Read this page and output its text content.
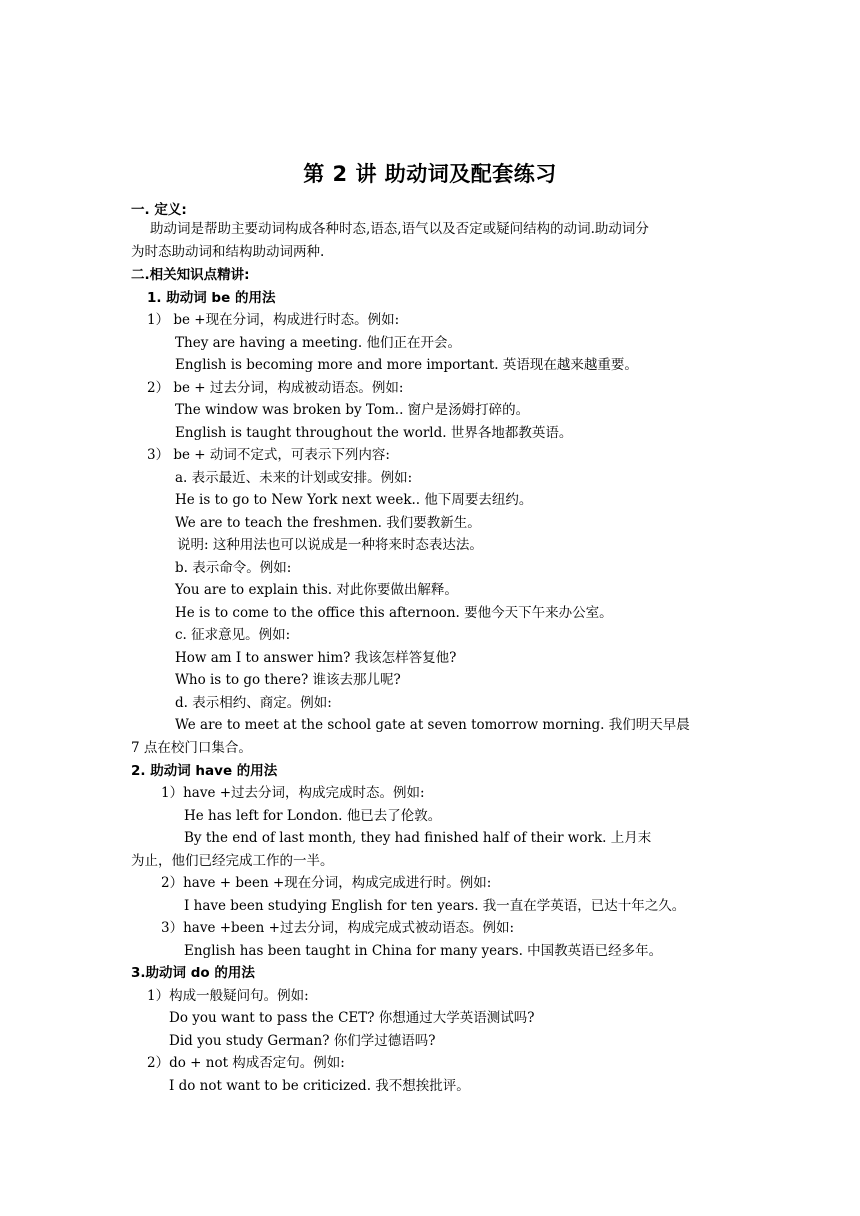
第 2 讲 助动词及配套练习
一. 定义:
助动词是帮助主要动词构成各种时态,语态,语气以及否定或疑问结构的动词.助动词分
为时态助动词和结构助动词两种.
二.相关知识点精讲:
1. 助动词 be 的用法
1） be +现在分词，构成进行时态。例如:
They are having a meeting. 他们正在开会。
English is becoming more and more important. 英语现在越来越重要。
2） be + 过去分词，构成被动语态。例如:
The window was broken by Tom.. 窗户是汤姆打碎的。
English is taught throughout the world. 世界各地都教英语。
3） be + 动词不定式，可表示下列内容:
a. 表示最近、未来的计划或安排。例如:
He is to go to New York next week.. 他下周要去纽约。
We are to teach the freshmen. 我们要教新生。
说明: 这种用法也可以说成是一种将来时态表达法。
b. 表示命令。例如:
You are to explain this. 对此你要做出解释。
He is to come to the office this afternoon. 要他今天下午来办公室。
c. 征求意见。例如:
How am I to answer him? 我该怎样答复他?
Who is to go there? 谁该去那儿呢?
d. 表示相约、商定。例如:
We are to meet at the school gate at seven tomorrow morning. 我们明天早晨
7 点在校门口集合。
2. 助动词 have 的用法
1）have +过去分词，构成完成时态。例如:
He has left for London. 他已去了伦敦。
By the end of last month, they had finished half of their work. 上月末
为止，他们已经完成工作的一半。
2）have + been +现在分词，构成完成进行时。例如:
I have been studying English for ten years. 我一直在学英语，已达十年之久。
3）have +been +过去分词，构成完成式被动语态。例如:
English has been taught in China for many years. 中国教英语已经多年。
3.助动词 do 的用法
1）构成一般疑问句。例如:
Do you want to pass the CET? 你想通过大学英语测试吗?
Did you study German? 你们学过德语吗?
2）do + not 构成否定句。例如:
I do not want to be criticized. 我不想挨批评。
